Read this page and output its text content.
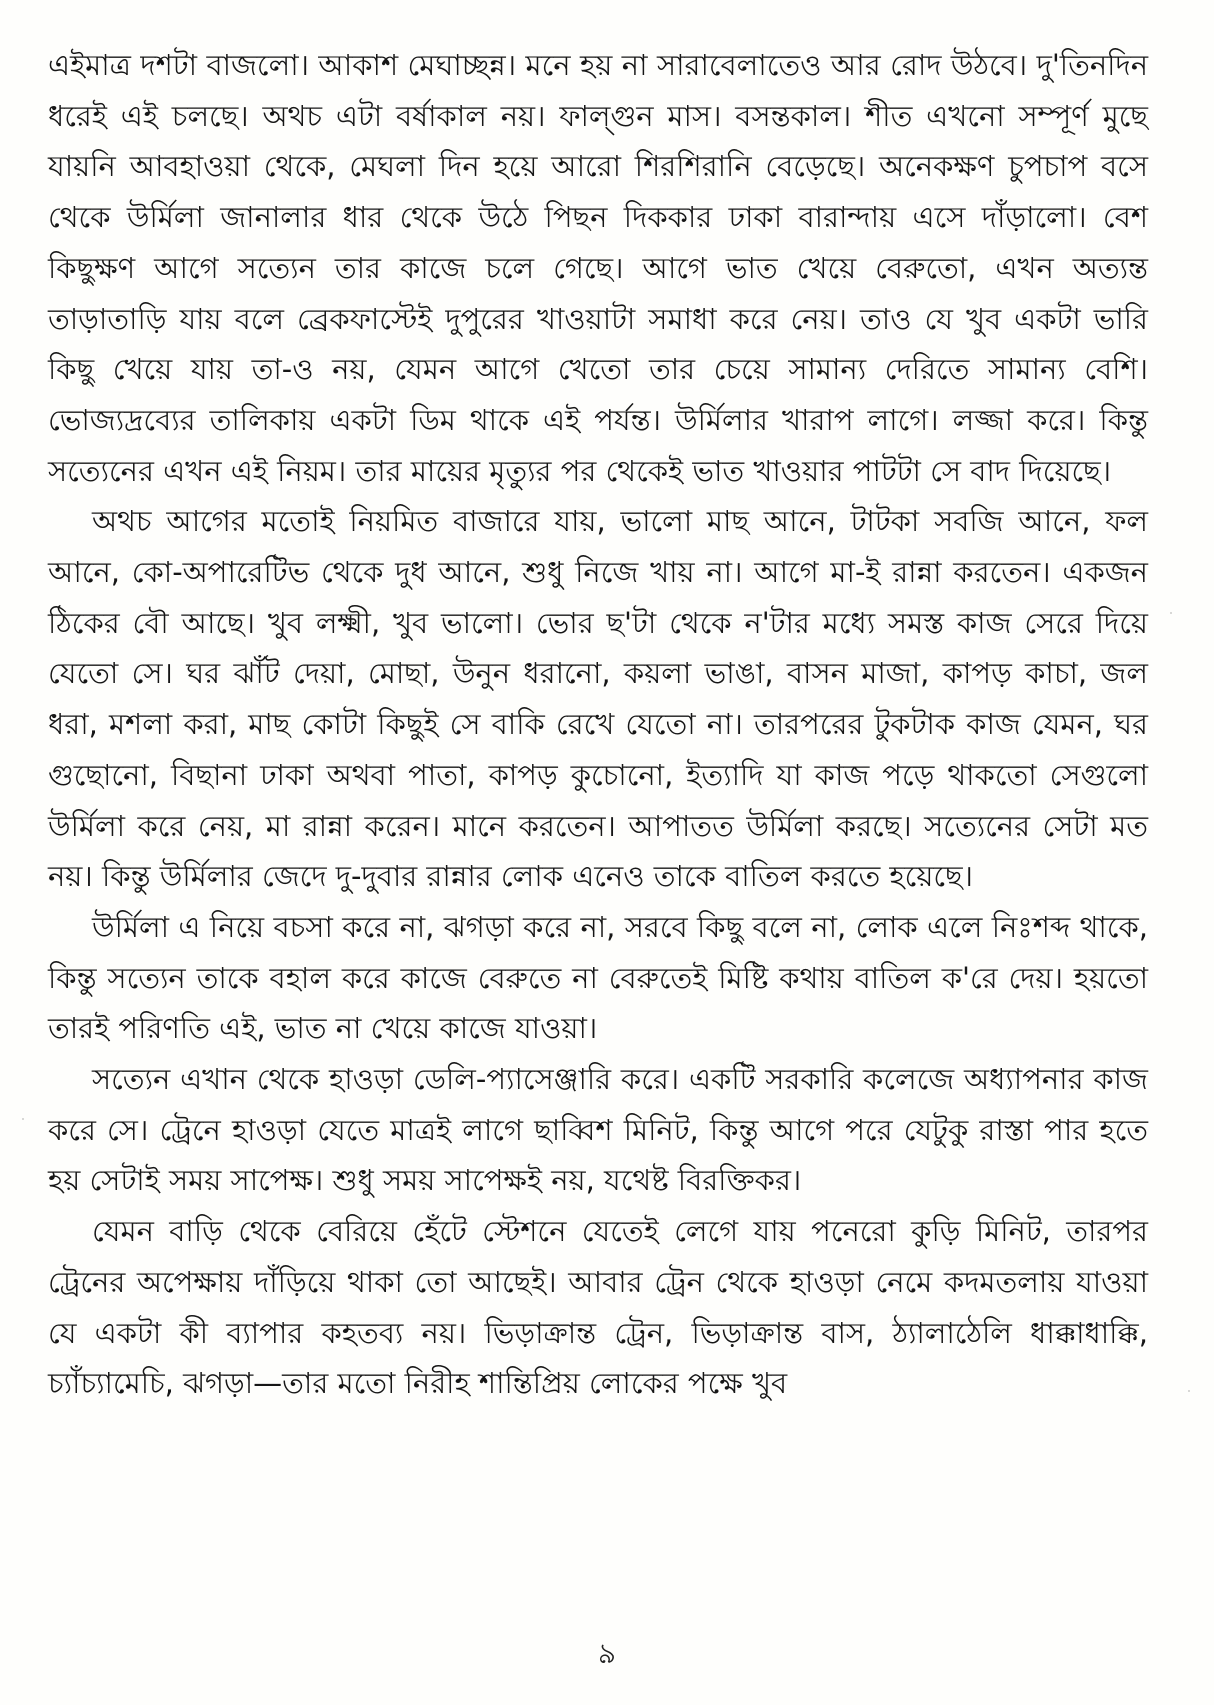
এইমাত্র দশটা বাজলো। আকাশ মেঘাচ্ছন্ন। মনে হয় না সারাবেলাতেও আর রোদ উঠবে। দু'তিনদিন ধরেই এই চলছে। অথচ এটা বর্ষাকাল নয়। ফাল্গুন মাস। বসন্তকাল। শীত এখনো সম্পূর্ণ মুছে যায়নি আবহাওয়া থেকে, মেঘলা দিন হয়ে আরো শিরশিরানি বেড়েছে। অনেকক্ষণ চুপচাপ বসে থেকে উর্মিলা জানালার ধার থেকে উঠে পিছন দিককার ঢাকা বারান্দায় এসে দাঁড়ালো। বেশ কিছুক্ষণ আগে সত্যেন তার কাজে চলে গেছে। আগে ভাত খেয়ে বেরুতো, এখন অত্যন্ত তাড়াতাড়ি যায় বলে ব্রেকফাস্টেই দুপুরের খাওয়াটা সমাধা করে নেয়। তাও যে খুব একটা ভারি কিছু খেয়ে যায় তা-ও নয়, যেমন আগে খেতো তার চেয়ে সামান্য দেরিতে সামান্য বেশি। ভোজ্যদ্রব্যের তালিকায় একটা ডিম থাকে এই পর্যন্ত। উর্মিলার খারাপ লাগে। লজ্জা করে। কিন্তু সত্যেনের এখন এই নিয়ম। তার মায়ের মৃত্যুর পর থেকেই ভাত খাওয়ার পাটটা সে বাদ দিয়েছে।

অথচ আগের মতোই নিয়মিত বাজারে যায়, ভালো মাছ আনে, টাটকা সবজি আনে, ফল আনে, কো-অপারেটিভ থেকে দুধ আনে, শুধু নিজে খায় না। আগে মা-ই রান্না করতেন। একজন ঠিকের বৌ আছে। খুব লক্ষ্মী, খুব ভালো। ভোর ছ'টা থেকে ন'টার মধ্যে সমস্ত কাজ সেরে দিয়ে যেতো সে। ঘর ঝাঁট দেয়া, মোছা, উনুন ধরানো, কয়লা ভাঙা, বাসন মাজা, কাপড় কাচা, জল ধরা, মশলা করা, মাছ কোটা কিছুই সে বাকি রেখে যেতো না। তারপরের টুকটাক কাজ যেমন, ঘর গুছোনো, বিছানা ঢাকা অথবা পাতা, কাপড় কুচোনো, ইত্যাদি যা কাজ পড়ে থাকতো সেগুলো উর্মিলা করে নেয়, মা রান্না করেন। মানে করতেন। আপাতত উর্মিলা করছে। সত্যেনের সেটা মত নয়। কিন্তু উর্মিলার জেদে দু-দুবার রান্নার লোক এনেও তাকে বাতিল করতে হয়েছে।

উর্মিলা এ নিয়ে বচসা করে না, ঝগড়া করে না, সরবে কিছু বলে না, লোক এলে নিঃশব্দ থাকে, কিন্তু সত্যেন তাকে বহাল করে কাজে বেরুতে না বেরুতেই মিষ্টি কথায় বাতিল ক'রে দেয়। হয়তো তারই পরিণতি এই, ভাত না খেয়ে কাজে যাওয়া।

সত্যেন এখান থেকে হাওড়া ডেলি-প্যাসেঞ্জারি করে। একটি সরকারি কলেজে অধ্যাপনার কাজ করে সে। ট্রেনে হাওড়া যেতে মাত্রই লাগে ছাব্বিশ মিনিট, কিন্তু আগে পরে যেটুকু রাস্তা পার হতে হয় সেটাই সময় সাপেক্ষ। শুধু সময় সাপেক্ষই নয়, যথেষ্ট বিরক্তিকর।

যেমন বাড়ি থেকে বেরিয়ে হেঁটে স্টেশনে যেতেই লেগে যায় পনেরো কুড়ি মিনিট, তারপর ট্রেনের অপেক্ষায় দাঁড়িয়ে থাকা তো আছেই। আবার ট্রেন থেকে হাওড়া নেমে কদমতলায় যাওয়া যে একটা কী ব্যাপার কহতব্য নয়। ভিড়াক্রান্ত ট্রেন, ভিড়াক্রান্ত বাস, ঠ্যালাঠেলি ধাক্কাধাক্কি, চ্যাঁচ্যামেচি, ঝগড়া—তার মতো নিরীহ শান্তিপ্রিয় লোকের পক্ষে খুব

৯
